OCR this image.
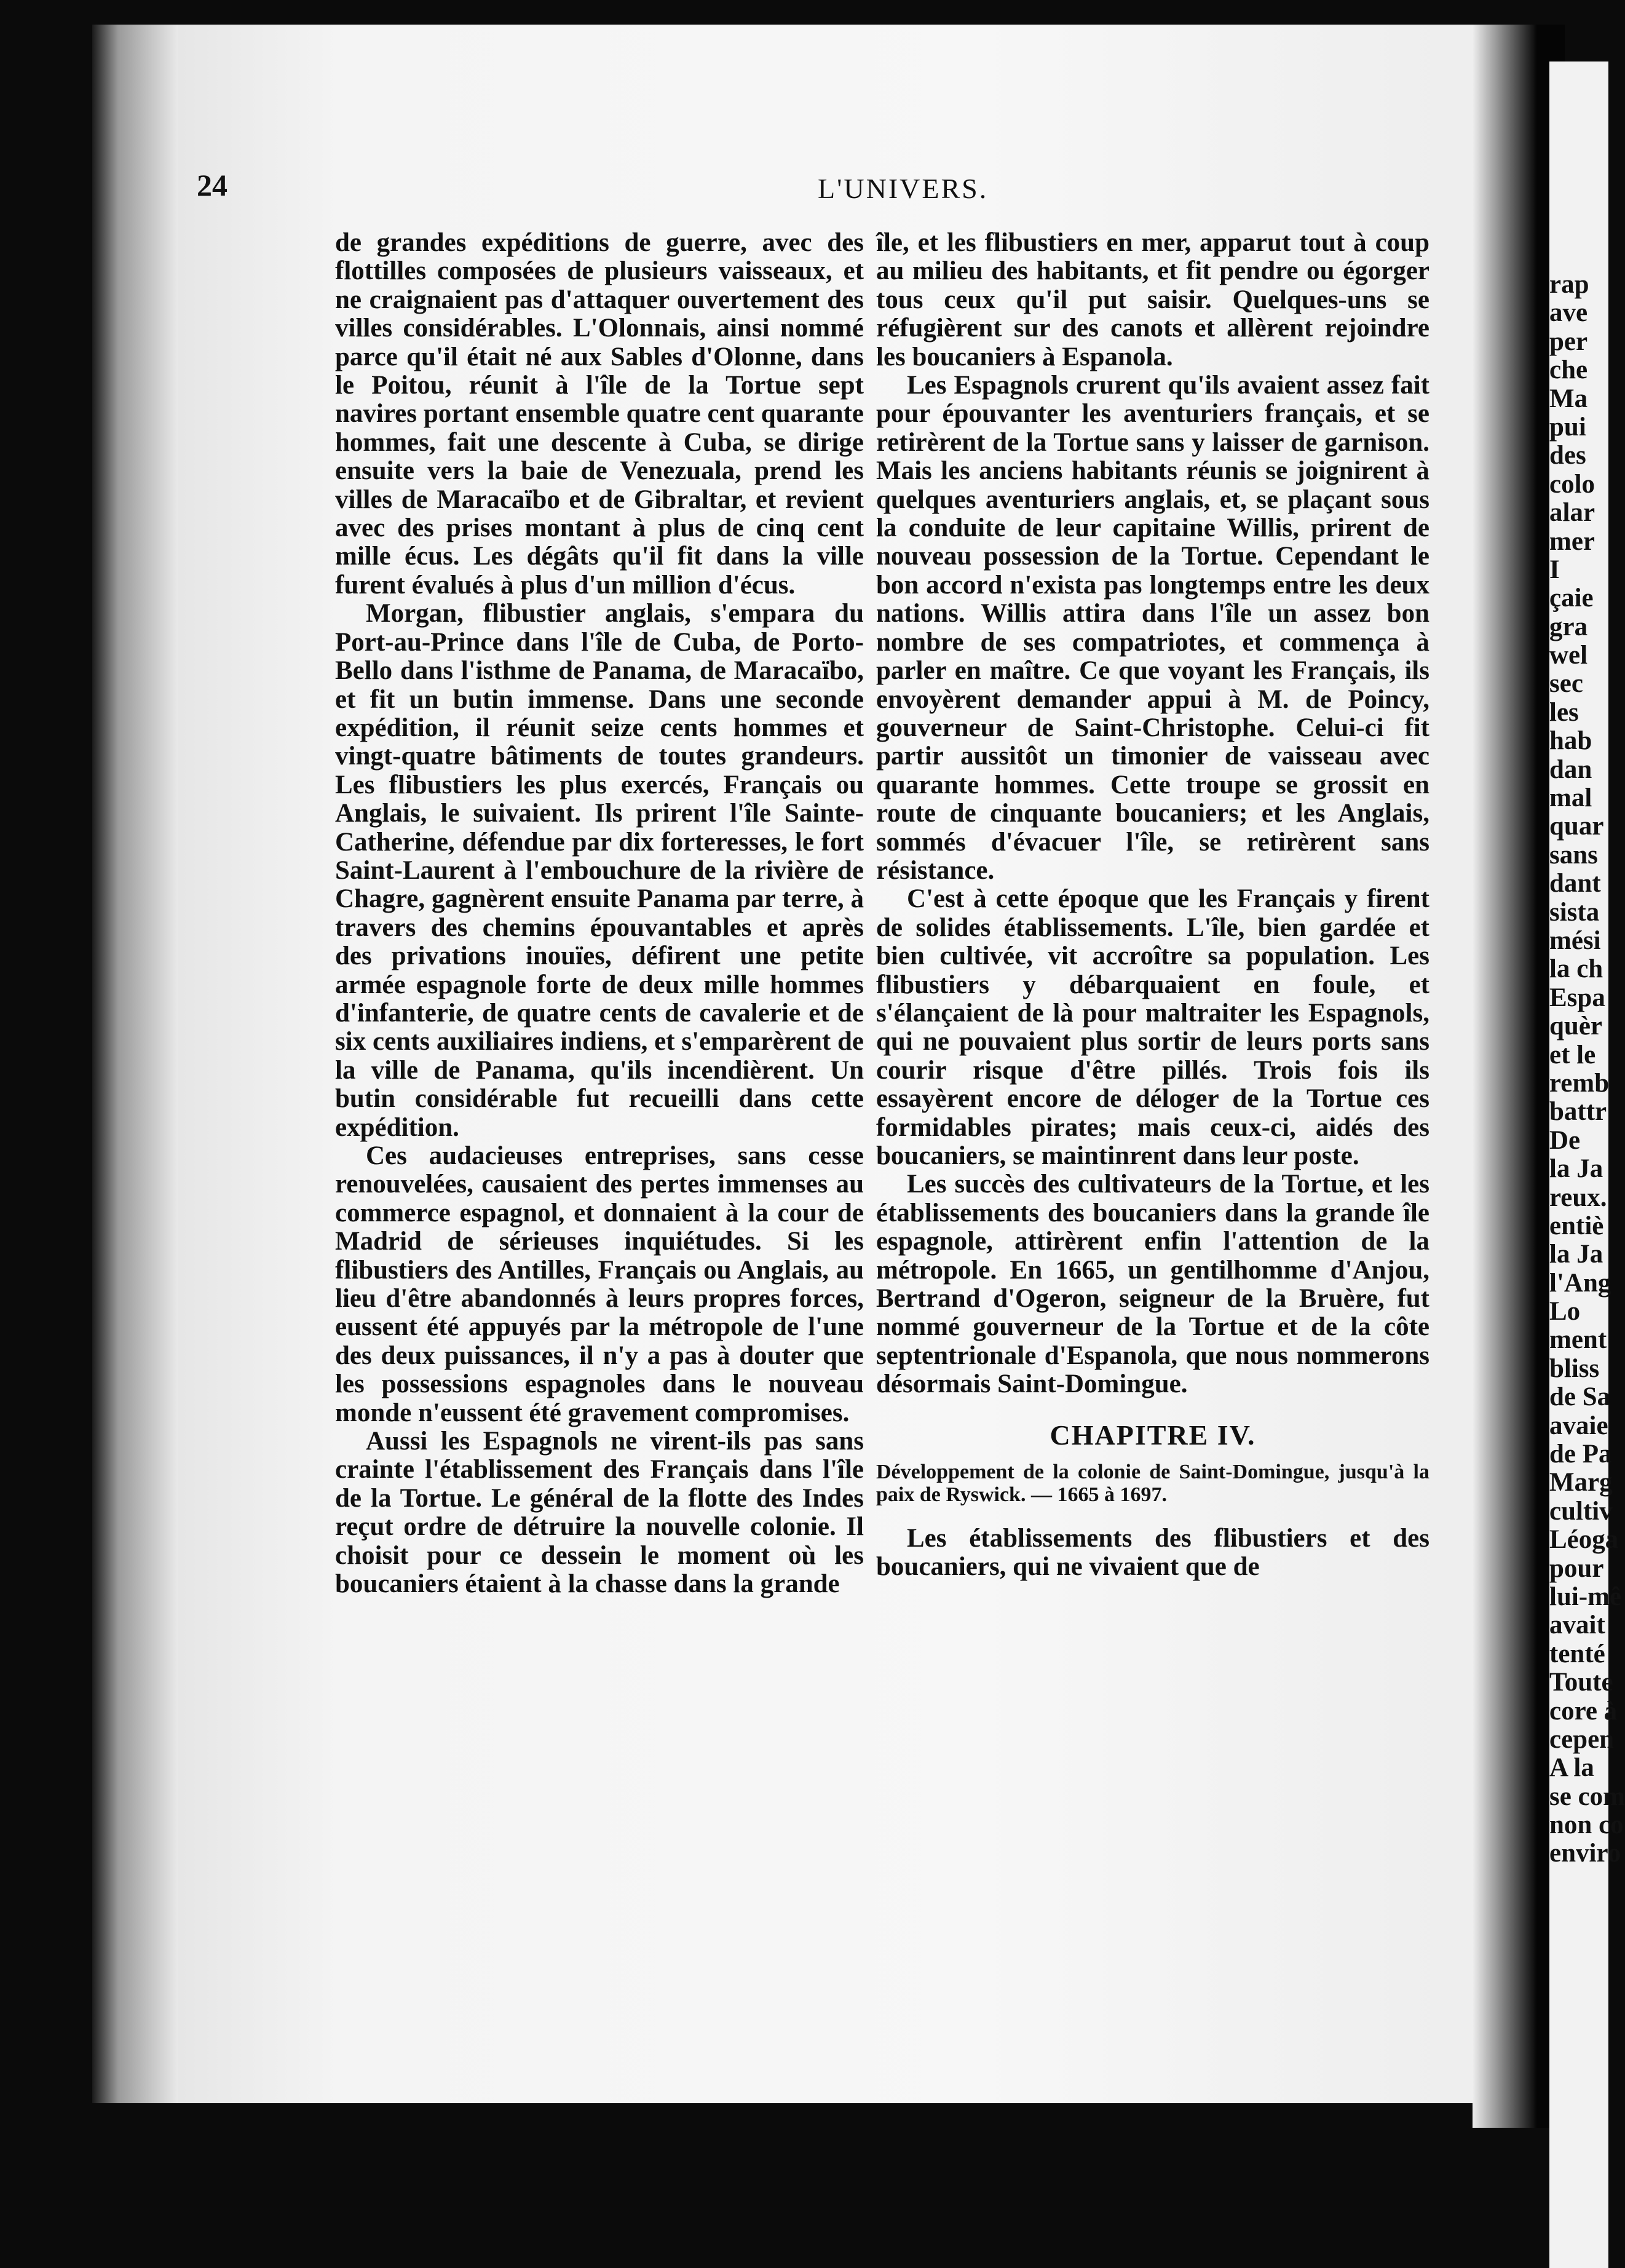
24	L'UNIVERS.

de grandes expéditions de guerre, avec des flottilles composées de plusieurs vaisseaux, et ne craignaient pas d'attaquer ouvertement des villes considérables. L'Olonnais, ainsi nommé parce qu'il était né aux Sables d'Olonne, dans le Poitou, réunit à l'île de la Tortue sept navires portant ensemble quatre cent quarante hommes, fait une descente à Cuba, se dirige ensuite vers la baie de Venezuala, prend les villes de Maracaïbo et de Gibraltar, et revient avec des prises montant à plus de cinq cent mille écus. Les dégâts qu'il fit dans la ville furent évalués à plus d'un million d'écus.

Morgan, flibustier anglais, s'empara du Port-au-Prince dans l'île de Cuba, de Porto-Bello dans l'isthme de Panama, de Maracaïbo, et fit un butin immense. Dans une seconde expédition, il réunit seize cents hommes et vingt-quatre bâtiments de toutes grandeurs. Les flibustiers les plus exercés, Français ou Anglais, le suivaient. Ils prirent l'île Sainte-Catherine, défendue par dix forteresses, le fort Saint-Laurent à l'embouchure de la rivière de Chagre, gagnèrent ensuite Panama par terre, à travers des chemins épouvantables et après des privations inouïes, défirent une petite armée espagnole forte de deux mille hommes d'infanterie, de quatre cents de cavalerie et de six cents auxiliaires indiens, et s'emparèrent de la ville de Panama, qu'ils incendièrent. Un butin considérable fut recueilli dans cette expédition.

Ces audacieuses entreprises, sans cesse renouvelées, causaient des pertes immenses au commerce espagnol, et donnaient à la cour de Madrid de sérieuses inquiétudes. Si les flibustiers des Antilles, Français ou Anglais, au lieu d'être abandonnés à leurs propres forces, eussent été appuyés par la métropole de l'une des deux puissances, il n'y a pas à douter que les possessions espagnoles dans le nouveau monde n'eussent été gravement compromises.

Aussi les Espagnols ne virent-ils pas sans crainte l'établissement des Français dans l'île de la Tortue. Le général de la flotte des Indes reçut ordre de détruire la nouvelle colonie. Il choisit pour ce dessein le moment où les boucaniers étaient à la chasse dans la grande

île, et les flibustiers en mer, apparut tout à coup au milieu des habitants, et fit pendre ou égorger tous ceux qu'il put saisir. Quelques-uns se réfugièrent sur des canots et allèrent rejoindre les boucaniers à Espanola.

Les Espagnols crurent qu'ils avaient assez fait pour épouvanter les aventuriers français, et se retirèrent de la Tortue sans y laisser de garnison. Mais les anciens habitants réunis se joignirent à quelques aventuriers anglais, et, se plaçant sous la conduite de leur capitaine Willis, prirent de nouveau possession de la Tortue. Cependant le bon accord n'exista pas longtemps entre les deux nations. Willis attira dans l'île un assez bon nombre de ses compatriotes, et commença à parler en maître. Ce que voyant les Français, ils envoyèrent demander appui à M. de Poincy, gouverneur de Saint-Christophe. Celui-ci fit partir aussitôt un timonier de vaisseau avec quarante hommes. Cette troupe se grossit en route de cinquante boucaniers; et les Anglais, sommés d'évacuer l'île, se retirèrent sans résistance.

C'est à cette époque que les Français y firent de solides établissements. L'île, bien gardée et bien cultivée, vit accroître sa population. Les flibustiers y débarquaient en foule, et s'élançaient de là pour maltraiter les Espagnols, qui ne pouvaient plus sortir de leurs ports sans courir risque d'être pillés. Trois fois ils essayèrent encore de déloger de la Tortue ces formidables pirates; mais ceux-ci, aidés des boucaniers, se maintinrent dans leur poste.

Les succès des cultivateurs de la Tortue, et les établissements des boucaniers dans la grande île espagnole, attirèrent enfin l'attention de la métropole. En 1665, un gentilhomme d'Anjou, Bertrand d'Ogeron, seigneur de la Bruère, fut nommé gouverneur de la Tortue et de la côte septentrionale d'Espanola, que nous nommerons désormais Saint-Domingue.

CHAPITRE IV.
Développement de la colonie de Saint-Domingue, jusqu'à la paix de Ryswick. — 1665 à 1697.

Les établissements des flibustiers et des boucaniers, qui ne vivaient que de

rap
ave
per
che
Ma
pui
des
colo
alar
mer
I
çaie
gra
wel
sec
les
hab
dan
mal
quar
sans
dant
sista
mési
la ch
Espa
quèr
et le
remb
battr
De
la Ja
reux.
entiè
la Ja
l'Ang
Lo
ment
bliss
de Sa
avaie
de Pa
Marg
cultiv
Léoga
pour
lui-mê
avait
tenté
Toute
core à
cepen
A la
se com
non co
enviro
